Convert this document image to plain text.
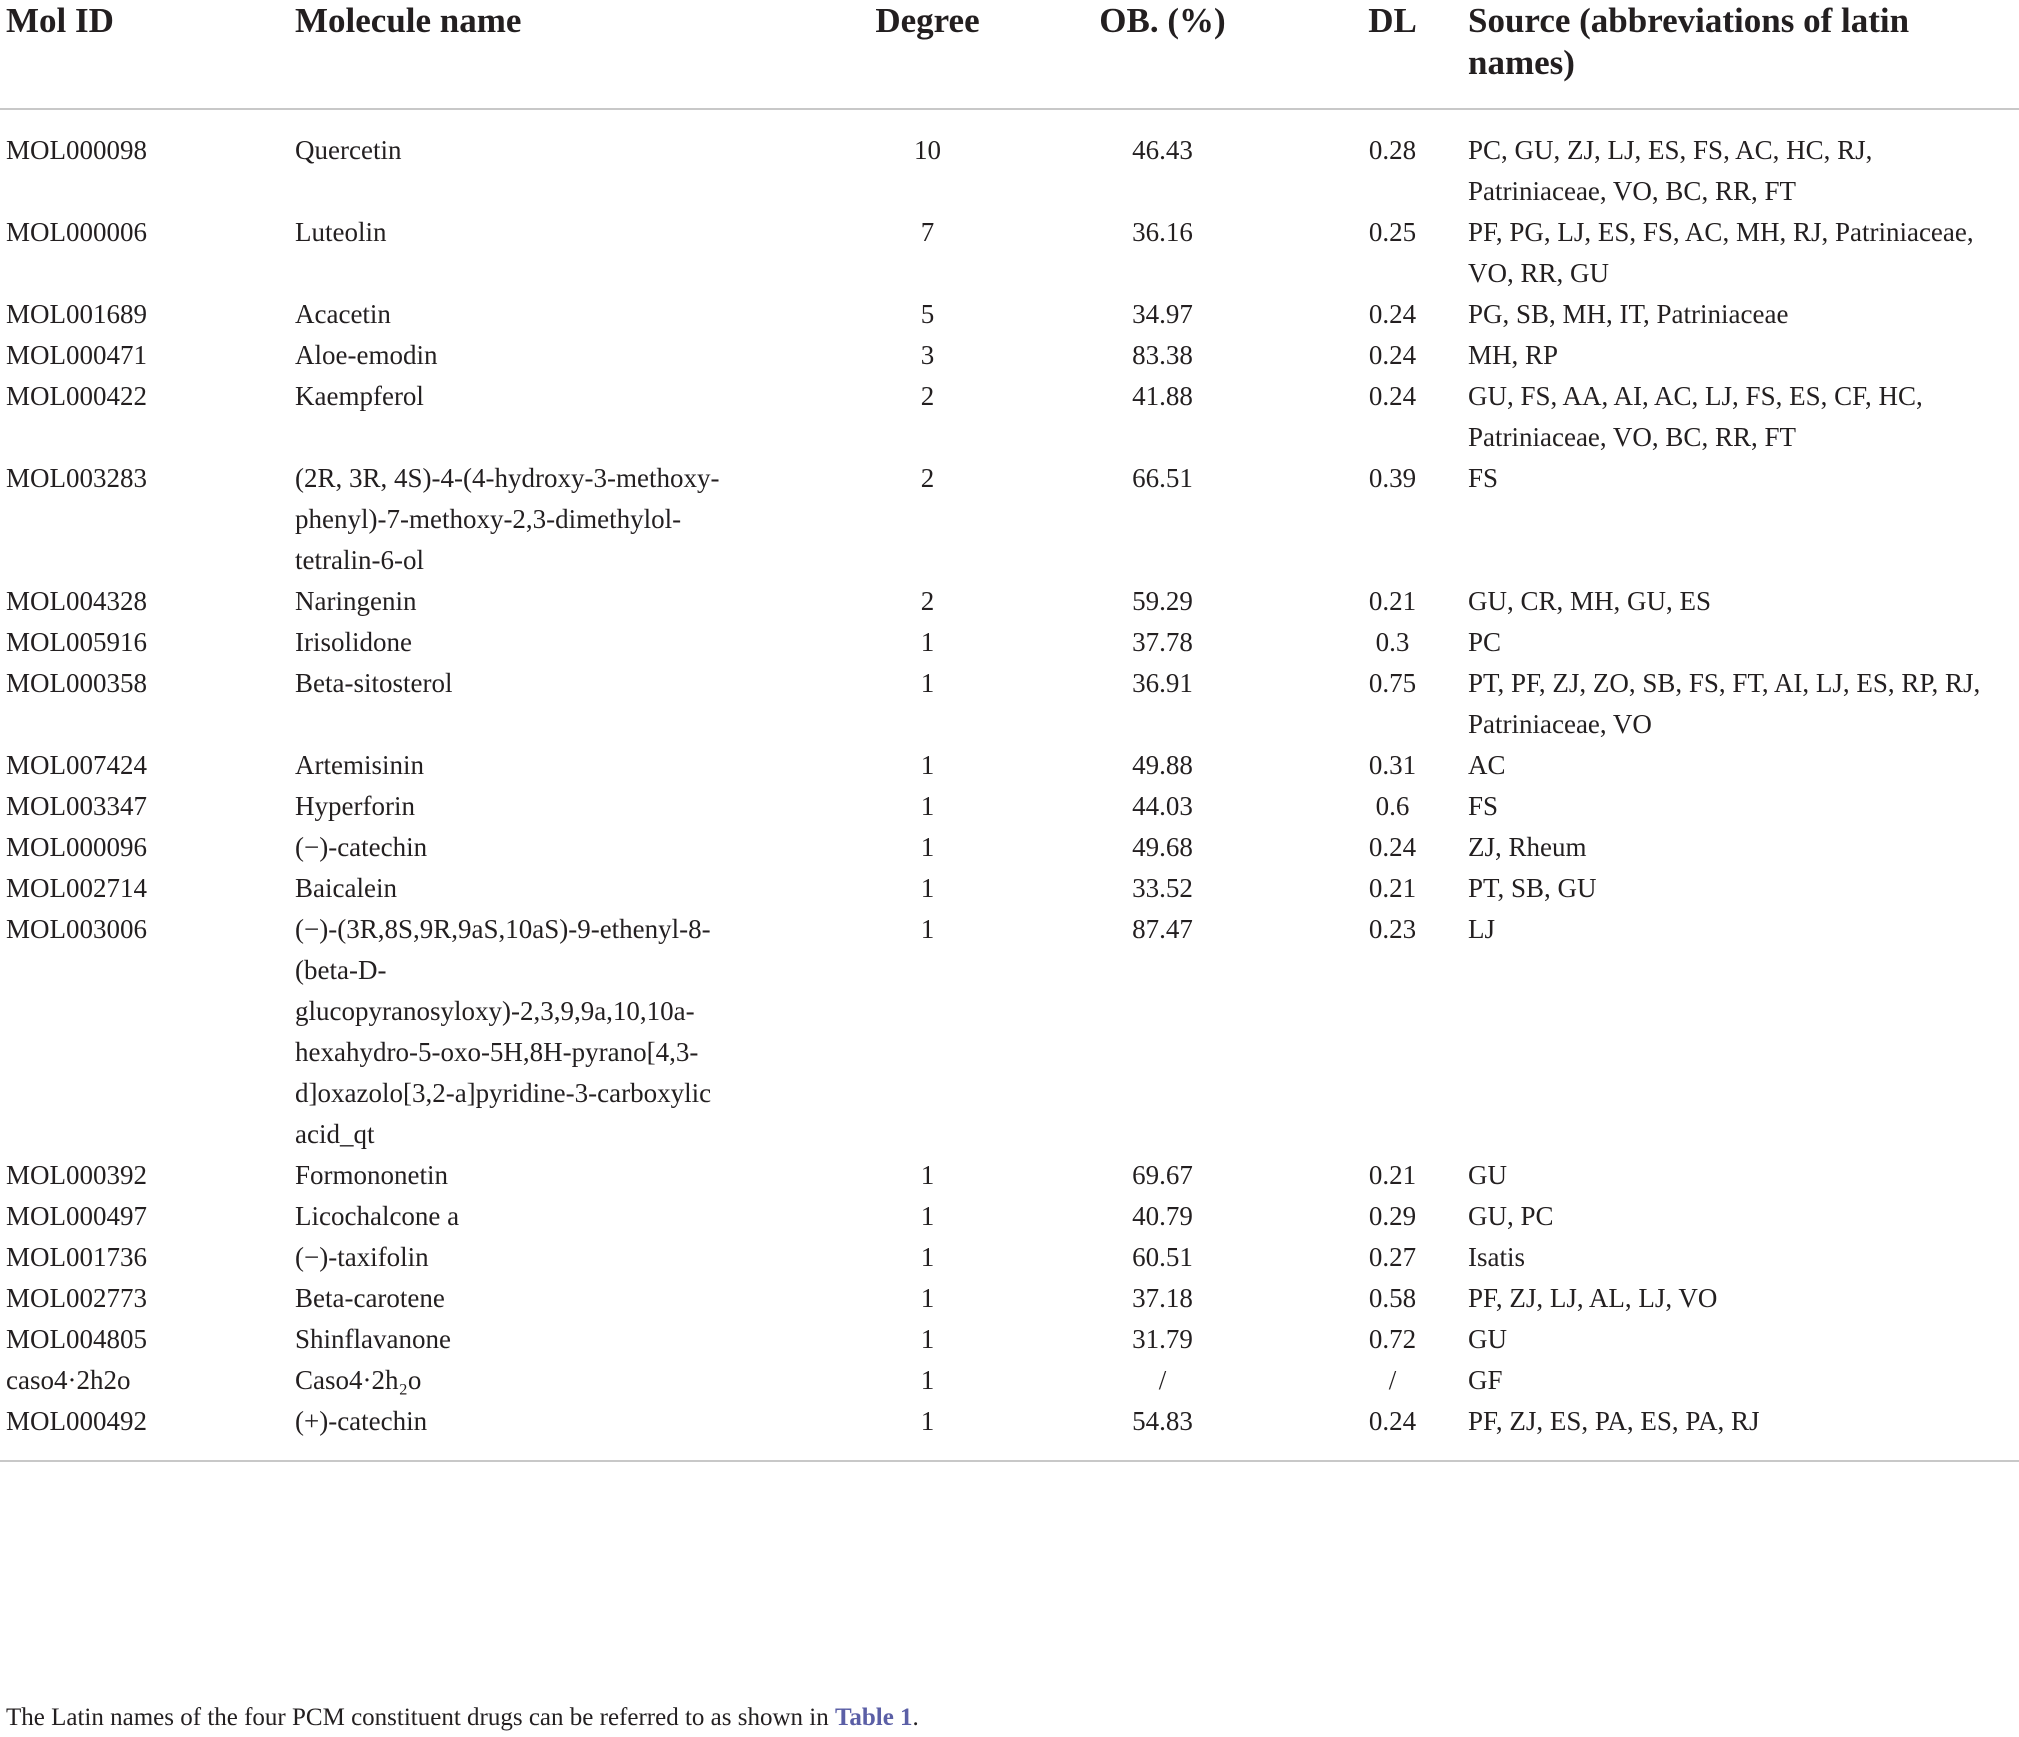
Mol ID	Molecule name	Degree	OB. (%)	DL	Source (abbreviations of latin names)
MOL000098	Quercetin	10	46.43	0.28	PC, GU, ZJ, LJ, ES, FS, AC, HC, RJ, Patriniaceae, VO, BC, RR, FT
MOL000006	Luteolin	7	36.16	0.25	PF, PG, LJ, ES, FS, AC, MH, RJ, Patriniaceae, VO, RR, GU
MOL001689	Acacetin	5	34.97	0.24	PG, SB, MH, IT, Patriniaceae
MOL000471	Aloe-emodin	3	83.38	0.24	MH, RP
MOL000422	Kaempferol	2	41.88	0.24	GU, FS, AA, AI, AC, LJ, FS, ES, CF, HC, Patriniaceae, VO, BC, RR, FT
MOL003283	(2R, 3R, 4S)-4-(4-hydroxy-3-methoxy-phenyl)-7-methoxy-2,3-dimethylol-tetralin-6-ol	2	66.51	0.39	FS
MOL004328	Naringenin	2	59.29	0.21	GU, CR, MH, GU, ES
MOL005916	Irisolidone	1	37.78	0.3	PC
MOL000358	Beta-sitosterol	1	36.91	0.75	PT, PF, ZJ, ZO, SB, FS, FT, AI, LJ, ES, RP, RJ, Patriniaceae, VO
MOL007424	Artemisinin	1	49.88	0.31	AC
MOL003347	Hyperforin	1	44.03	0.6	FS
MOL000096	(−)-catechin	1	49.68	0.24	ZJ, Rheum
MOL002714	Baicalein	1	33.52	0.21	PT, SB, GU
MOL003006	(−)-(3R,8S,9R,9aS,10aS)-9-ethenyl-8-(beta-D-glucopyranosyloxy)-2,3,9,9a,10,10a-hexahydro-5-oxo-5H,8H-pyrano[4,3-d]oxazolo[3,2-a]pyridine-3-carboxylic acid_qt	1	87.47	0.23	LJ
MOL000392	Formononetin	1	69.67	0.21	GU
MOL000497	Licochalcone a	1	40.79	0.29	GU, PC
MOL001736	(−)-taxifolin	1	60.51	0.27	Isatis
MOL002773	Beta-carotene	1	37.18	0.58	PF, ZJ, LJ, AL, LJ, VO
MOL004805	Shinflavanone	1	31.79	0.72	GU
caso4·2h2o	Caso4·2h₂o	1	/	/	GF
MOL000492	(+)-catechin	1	54.83	0.24	PF, ZJ, ES, PA, ES, PA, RJ
The Latin names of the four PCM constituent drugs can be referred to as shown in Table 1.
